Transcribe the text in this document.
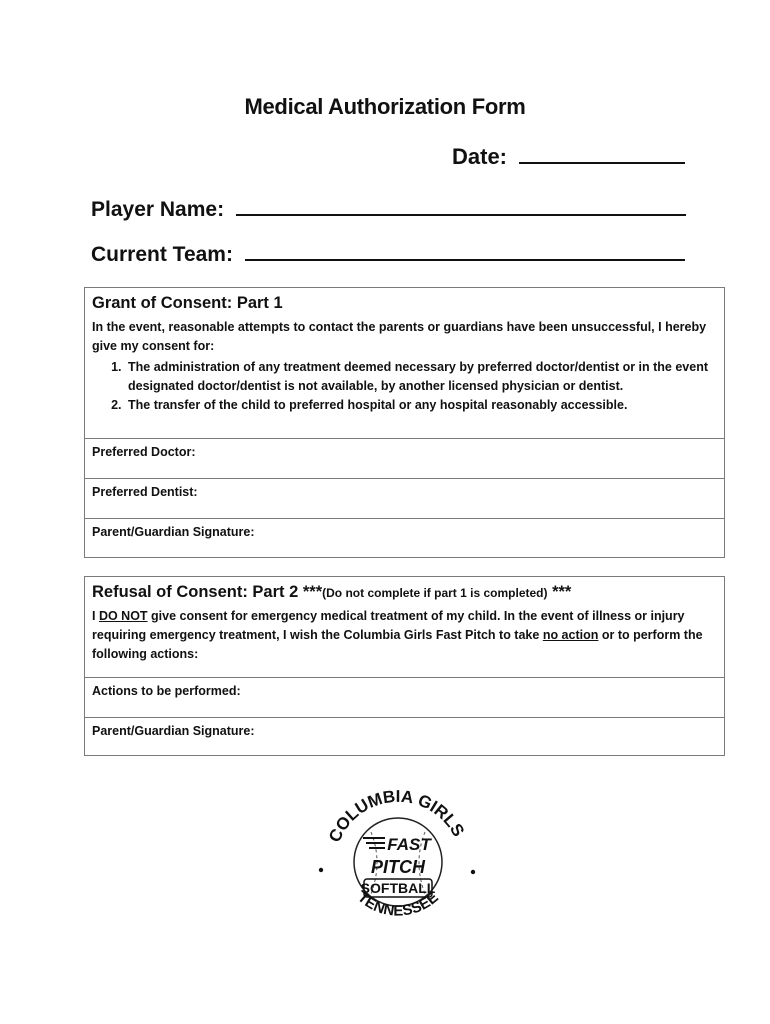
Medical Authorization Form
Date:
Player Name:
Current Team:
Grant of Consent: Part 1
In the event, reasonable attempts to contact the parents or guardians have been unsuccessful, I hereby give my consent for:
1. The administration of any treatment deemed necessary by preferred doctor/dentist or in the event designated doctor/dentist is not available, by another licensed physician or dentist.
2. The transfer of the child to preferred hospital or any hospital reasonably accessible.
Preferred Doctor:
Preferred Dentist:
Parent/Guardian Signature:
Refusal of Consent: Part 2 ***(Do not complete if part 1 is completed) ***
I DO NOT give consent for emergency medical treatment of my child. In the event of illness or injury requiring emergency treatment, I wish the Columbia Girls Fast Pitch to take no action or to perform the following actions:
Actions to be performed:
Parent/Guardian Signature:
COLUMBIA GIRLS
TENNESSEE
FAST
PITCH
SOFTBALL
